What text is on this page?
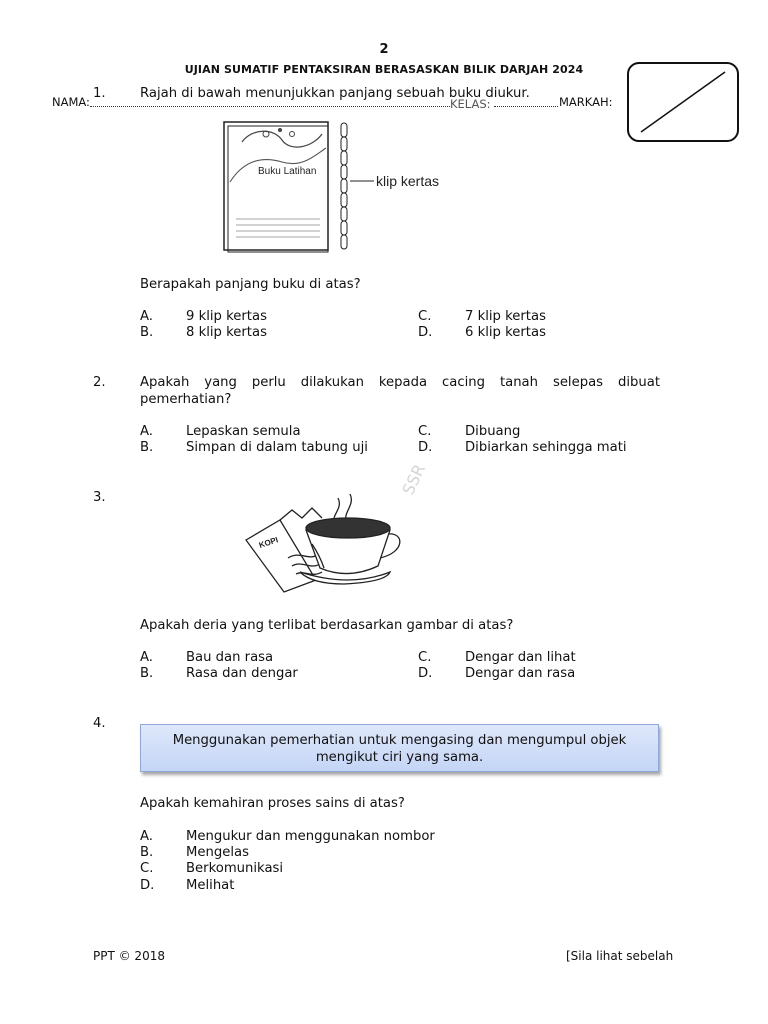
2
UJIAN SUMATIF PENTAKSIRAN BERASASKAN BILIK DARJAH 2024
NAMA:	KELAS:	MARKAH:
1.	Rajah di bawah menunjukkan panjang sebuah buku diukur.
Buku Latihan
klip kertas
Berapakah panjang buku di atas?
A.	9 klip kertas
B. 8 klip kertas
C.	7 klip kertas
D. 6 klip kertas
2.	Apakah yang perlu dilakukan kepada cacing tanah selepas dibuat pemerhatian?
A.	Lepaskan semula
B. Simpan di dalam tabung uji
C.	Dibuang
D. Dibiarkan sehingga mati
SSR
3.
KOPI
Apakah deria yang terlibat berdasarkan gambar di atas?
A.	Bau dan rasa
B. Rasa dan dengar
C.	Dengar dan lihat
D. Dengar dan rasa
4.
Menggunakan pemerhatian untuk mengasing dan mengumpul objek mengikut ciri yang sama.
Apakah kemahiran proses sains di atas?
A.	Mengukur dan menggunakan nombor
B. Mengelas
C. Berkomunikasi
D. Melihat
PPT © 2018	[Sila lihat sebelah
